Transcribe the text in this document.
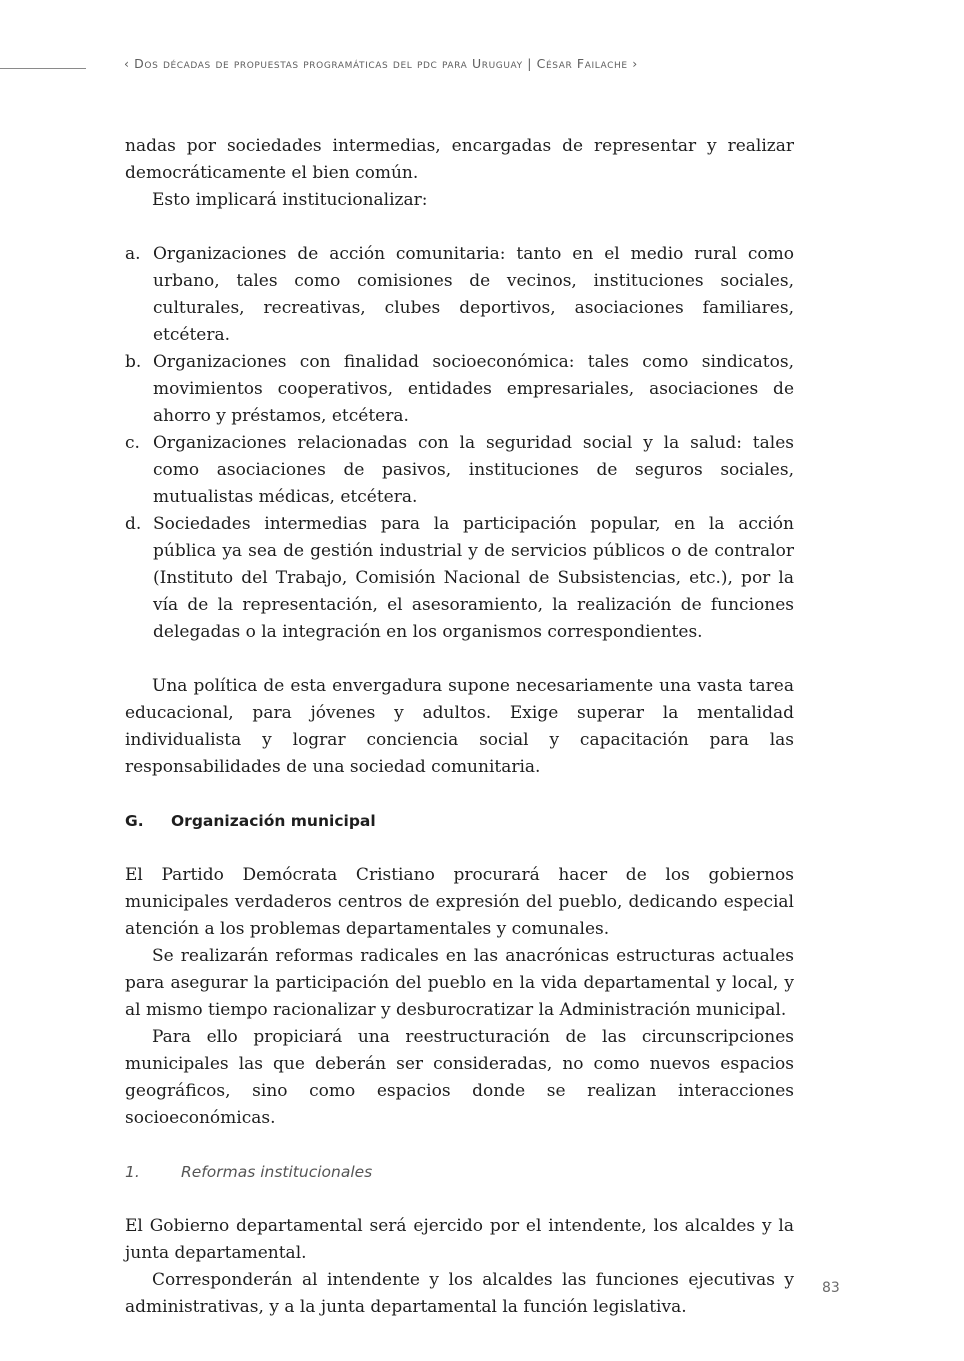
‹ Dos décadas de propuestas programáticas del pdc para Uruguay | César Failache ›

nadas por sociedades intermedias, encargadas de representar y realizar democráticamente el bien común.

Esto implicará institucionalizar:

a. Organizaciones de acción comunitaria: tanto en el medio rural como urbano, tales como comisiones de vecinos, instituciones sociales, culturales, recreativas, clubes deportivos, asociaciones familiares, etcétera.
b. Organizaciones con finalidad socioeconómica: tales como sindicatos, movimientos cooperativos, entidades empresariales, asociaciones de ahorro y préstamos, etcétera.
c. Organizaciones relacionadas con la seguridad social y la salud: tales como asociaciones de pasivos, instituciones de seguros sociales, mutualistas médicas, etcétera.
d. Sociedades intermedias para la participación popular, en la acción pública ya sea de gestión industrial y de servicios públicos o de contralor (Instituto del Trabajo, Comisión Nacional de Subsistencias, etc.), por la vía de la representación, el asesoramiento, la realización de funciones delegadas o la integración en los organismos correspondientes.

Una política de esta envergadura supone necesariamente una vasta tarea educacional, para jóvenes y adultos. Exige superar la mentalidad individualista y lograr conciencia social y capacitación para las responsabilidades de una sociedad comunitaria.

G.	Organización municipal

El Partido Demócrata Cristiano procurará hacer de los gobiernos municipales verdaderos centros de expresión del pueblo, dedicando especial atención a los problemas departamentales y comunales.

Se realizarán reformas radicales en las anacrónicas estructuras actuales para asegurar la participación del pueblo en la vida departamental y local, y al mismo tiempo racionalizar y desburocratizar la Administración municipal.

Para ello propiciará una reestructuración de las circunscripciones municipales las que deberán ser consideradas, no como nuevos espacios geográficos, sino como espacios donde se realizan interacciones socioeconómicas.

1.	Reformas institucionales

El Gobierno departamental será ejercido por el intendente, los alcaldes y la junta departamental.

Corresponderán al intendente y los alcaldes las funciones ejecutivas y administrativas, y a la junta departamental la función legislativa.

83
